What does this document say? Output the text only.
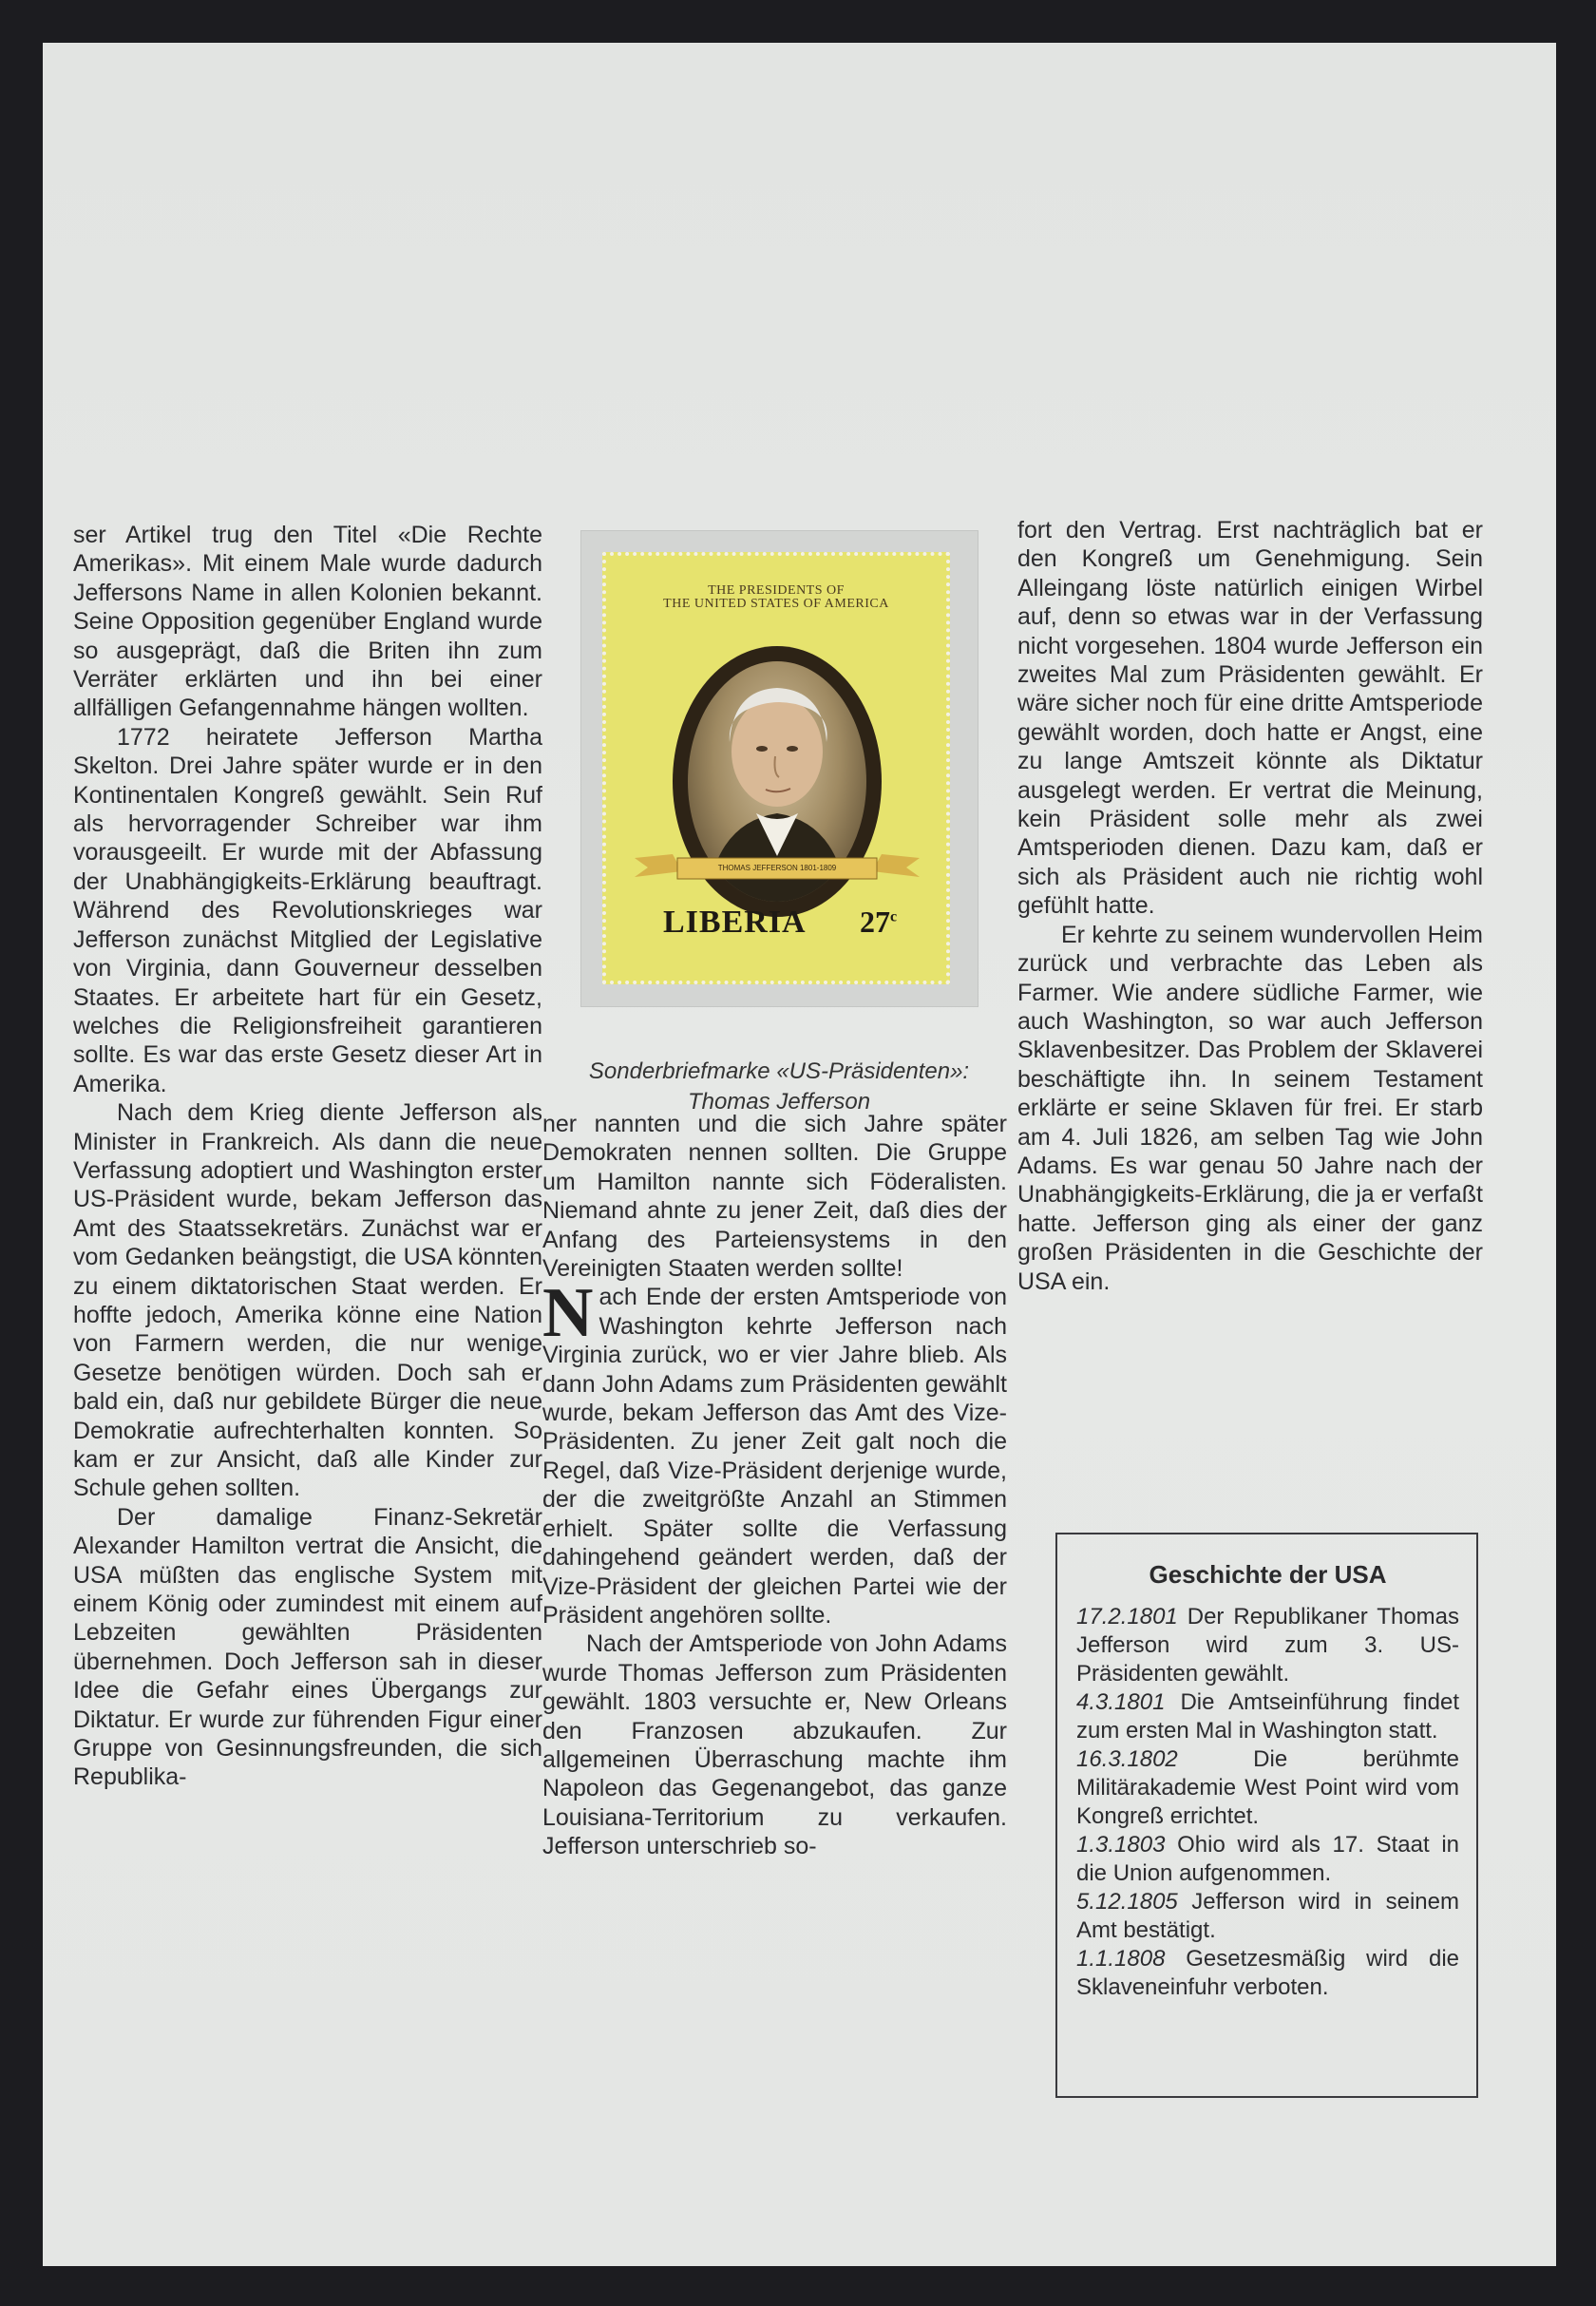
ser Artikel trug den Titel «Die Rechte Amerikas». Mit einem Male wurde dadurch Jeffersons Name in allen Kolonien bekannt. Seine Opposition gegenüber England wurde so ausgeprägt, daß die Briten ihn zum Verräter erklärten und ihn bei einer allfälligen Gefangennahme hängen wollten.

1772 heiratete Jefferson Martha Skelton. Drei Jahre später wurde er in den Kontinentalen Kongreß gewählt. Sein Ruf als hervorragender Schreiber war ihm vorausgeeilt. Er wurde mit der Abfassung der Unabhängigkeits-Erklärung beauftragt. Während des Revolutionskrieges war Jefferson zunächst Mitglied der Legislative von Virginia, dann Gouverneur desselben Staates. Er arbeitete hart für ein Gesetz, welches die Religionsfreiheit garantieren sollte. Es war das erste Gesetz dieser Art in Amerika.

Nach dem Krieg diente Jefferson als Minister in Frankreich. Als dann die neue Verfassung adoptiert und Washington erster US-Präsident wurde, bekam Jefferson das Amt des Staatssekretärs. Zunächst war er vom Gedanken beängstigt, die USA könnten zu einem diktatorischen Staat werden. Er hoffte jedoch, Amerika könne eine Nation von Farmern werden, die nur wenige Gesetze benötigen würden. Doch sah er bald ein, daß nur gebildete Bürger die neue Demokratie aufrechterhalten konnten. So kam er zur Ansicht, daß alle Kinder zur Schule gehen sollten.

Der damalige Finanz-Sekretär Alexander Hamilton vertrat die Ansicht, die USA müßten das englische System mit einem König oder zumindest mit einem auf Lebzeiten gewählten Präsidenten übernehmen. Doch Jefferson sah in dieser Idee die Gefahr eines Übergangs zur Diktatur. Er wurde zur führenden Figur einer Gruppe von Gesinnungsfreunden, die sich Republika-

THE PRESIDENTS OF
THE UNITED STATES OF AMERICA
THOMAS JEFFERSON 1801-1809
LIBERIA 27$^c$
Sonderbriefmarke «US-Präsidenten»:
Thomas Jefferson

ner nannten und die sich Jahre später Demokraten nennen sollten. Die Gruppe um Hamilton nannte sich Föderalisten. Niemand ahnte zu jener Zeit, daß dies der Anfang des Parteiensystems in den Vereinigten Staaten werden sollte!

Nach Ende der ersten Amtsperiode von Washington kehrte Jefferson nach Virginia zurück, wo er vier Jahre blieb. Als dann John Adams zum Präsidenten gewählt wurde, bekam Jefferson das Amt des Vize-Präsidenten. Zu jener Zeit galt noch die Regel, daß Vize-Präsident derjenige wurde, der die zweitgrößte Anzahl an Stimmen erhielt. Später sollte die Verfassung dahingehend geändert werden, daß der Vize-Präsident der gleichen Partei wie der Präsident angehören sollte.

Nach der Amtsperiode von John Adams wurde Thomas Jefferson zum Präsidenten gewählt. 1803 versuchte er, New Orleans den Franzosen abzukaufen. Zur allgemeinen Überraschung machte ihm Napoleon das Gegenangebot, das ganze Louisiana-Territorium zu verkaufen. Jefferson unterschrieb so-

fort den Vertrag. Erst nachträglich bat er den Kongreß um Genehmigung. Sein Alleingang löste natürlich einigen Wirbel auf, denn so etwas war in der Verfassung nicht vorgesehen. 1804 wurde Jefferson ein zweites Mal zum Präsidenten gewählt. Er wäre sicher noch für eine dritte Amtsperiode gewählt worden, doch hatte er Angst, eine zu lange Amtszeit könnte als Diktatur ausgelegt werden. Er vertrat die Meinung, kein Präsident solle mehr als zwei Amtsperioden dienen. Dazu kam, daß er sich als Präsident auch nie richtig wohl gefühlt hatte.

Er kehrte zu seinem wundervollen Heim zurück und verbrachte das Leben als Farmer. Wie andere südliche Farmer, wie auch Washington, so war auch Jefferson Sklavenbesitzer. Das Problem der Sklaverei beschäftigte ihn. In seinem Testament erklärte er seine Sklaven für frei. Er starb am 4. Juli 1826, am selben Tag wie John Adams. Es war genau 50 Jahre nach der Unabhängigkeits-Erklärung, die ja er verfaßt hatte. Jefferson ging als einer der ganz großen Präsidenten in die Geschichte der USA ein.

Geschichte der USA
17.2.1801 Der Republikaner Thomas Jefferson wird zum 3. US-Präsidenten gewählt.
4.3.1801 Die Amtseinführung findet zum ersten Mal in Washington statt.
16.3.1802 Die berühmte Militärakademie West Point wird vom Kongreß errichtet.
1.3.1803 Ohio wird als 17. Staat in die Union aufgenommen.
5.12.1805 Jefferson wird in seinem Amt bestätigt.
1.1.1808 Gesetzesmäßig wird die Sklaveneinfuhr verboten.
